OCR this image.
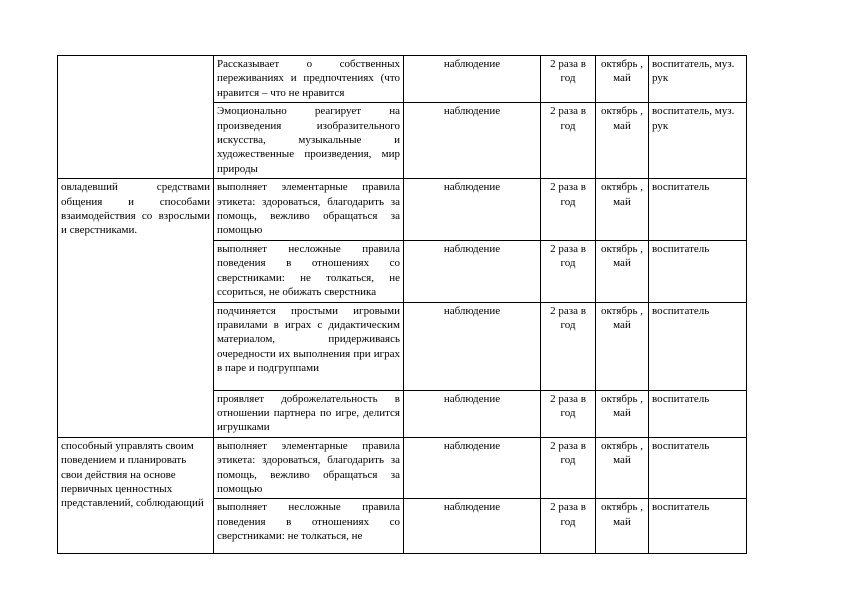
	Рассказывает о собственных переживаниях и предпочтениях (что нравится – что не нравится	наблюдение	2 раза в год	октябрь , май	воспитатель, муз. рук
	Эмоционально реагирует на произведения изобразительного искусства, музыкальные и художественные произведения, мир природы	наблюдение	2 раза в год	октябрь , май	воспитатель, муз. рук
овладевший средствами общения и способами взаимодействия со взрослыми и сверстниками.	выполняет элементарные правила этикета: здороваться, благодарить за помощь, вежливо обращаться за помощью	наблюдение	2 раза в год	октябрь , май	воспитатель
	выполняет несложные правила поведения в отношениях со сверстниками: не толкаться, не ссориться, не обижать сверстника	наблюдение	2 раза в год	октябрь , май	воспитатель
	подчиняется простыми игровыми правилами в играх с дидактическим материалом, придерживаясь очередности их выполнения при играх в паре и подгруппами	наблюдение	2 раза в год	октябрь , май	воспитатель
	проявляет доброжелательность в отношении партнера по игре, делится игрушками	наблюдение	2 раза в год	октябрь , май	воспитатель
способный управлять своим поведением и планировать свои действия на основе первичных ценностных представлений, соблюдающий	выполняет элементарные правила этикета: здороваться, благодарить за помощь, вежливо обращаться за помощью	наблюдение	2 раза в год	октябрь , май	воспитатель
	выполняет несложные правила поведения в отношениях со сверстниками: не толкаться, не	наблюдение	2 раза в год	октябрь , май	воспитатель
